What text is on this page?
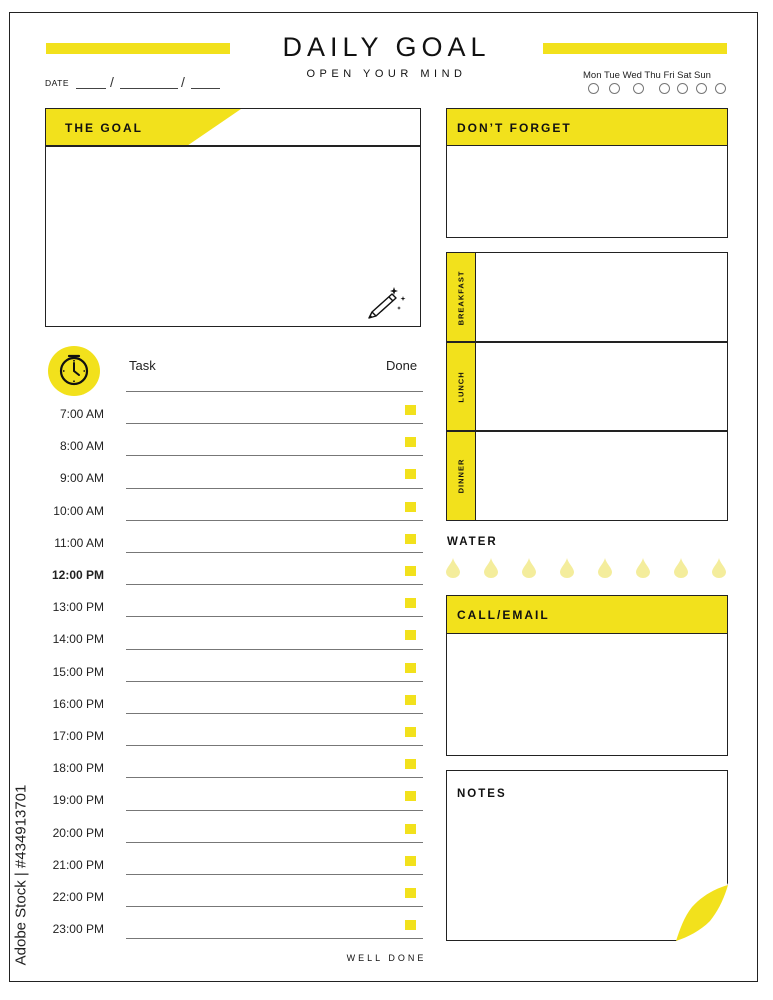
DAILY GOAL
OPEN YOUR MIND
DATE	/	/	Mon Tue Wed Thu Fri Sat Sun
THE GOAL	DON’T FORGET
BREAKFAST
LUNCH
DINNER
WATER
CALL/EMAIL
NOTES
Task	Done
7:00 AM
8:00 AM
9:00 AM
10:00 AM
11:00 AM
12:00 PM
13:00 PM
14:00 PM
15:00 PM
16:00 PM
17:00 PM
18:00 PM
19:00 PM
20:00 PM
21:00 PM
22:00 PM
23:00 PM
WELL DONE
Adobe Stock | #434913701
